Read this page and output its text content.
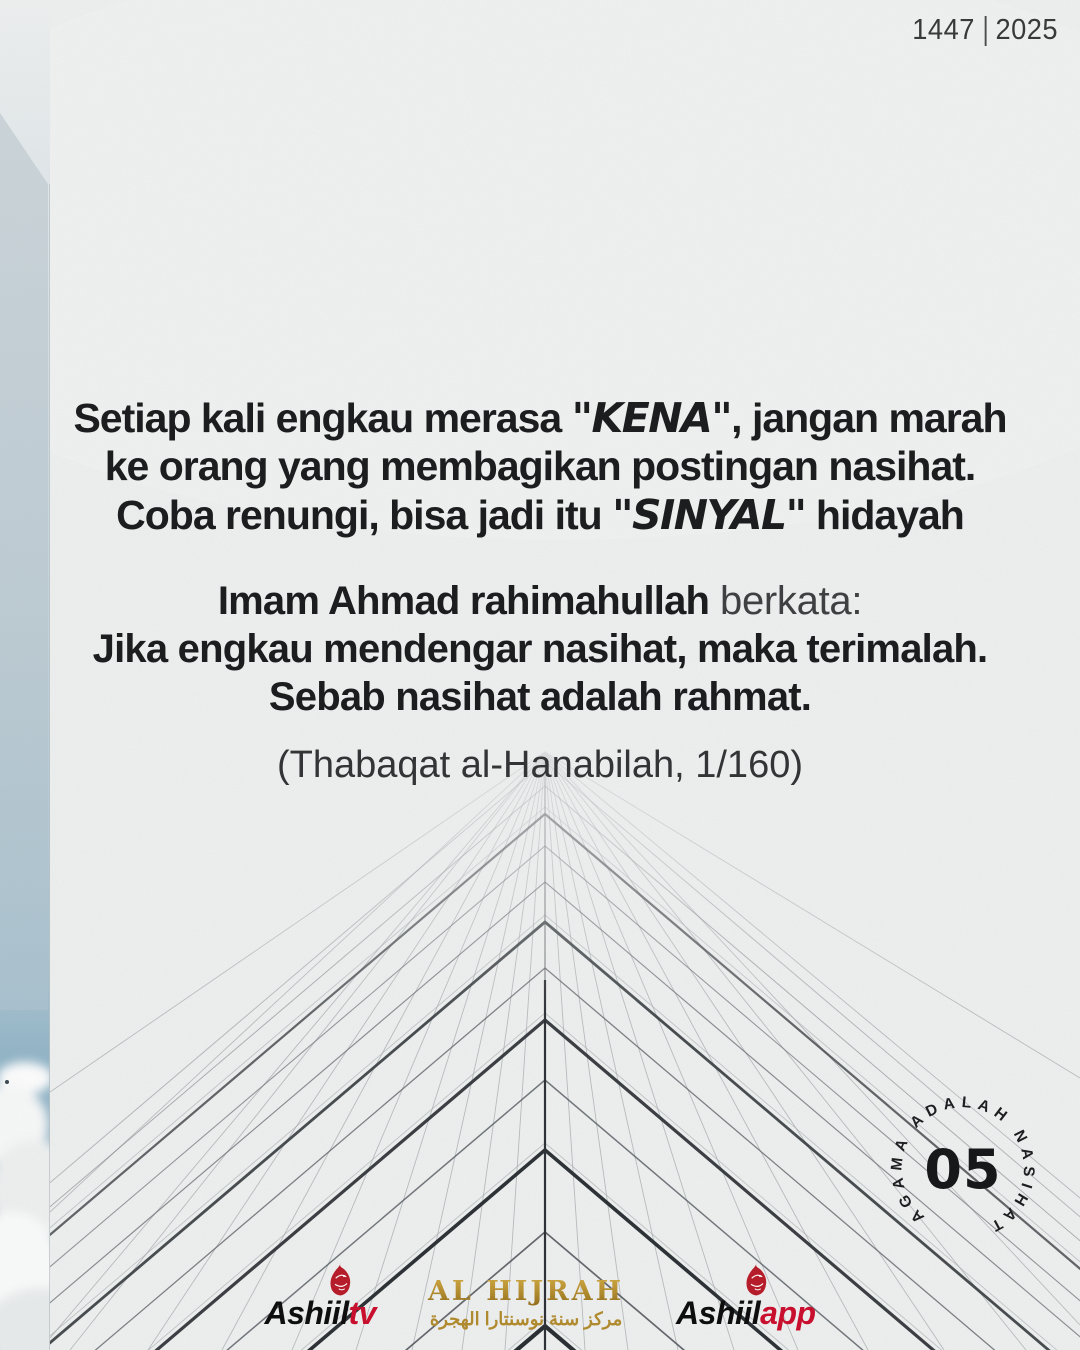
1447 2025
Setiap kali engkau merasa "KENA", jangan marah
ke orang yang membagikan postingan nasihat.
Coba renungi, bisa jadi itu "SINYAL" hidayah
Imam Ahmad rahimahullah berkata:
Jika engkau mendengar nasihat, maka terimalah.
Sebab nasihat adalah rahmat.
(Thabaqat al-Hanabilah, 1/160)
AGAMA ADALAH NASIHAT
05
Ashiiltv
AL HIJRAH
مركز سنة نوسنتارا الهجرة	Ashiilapp
